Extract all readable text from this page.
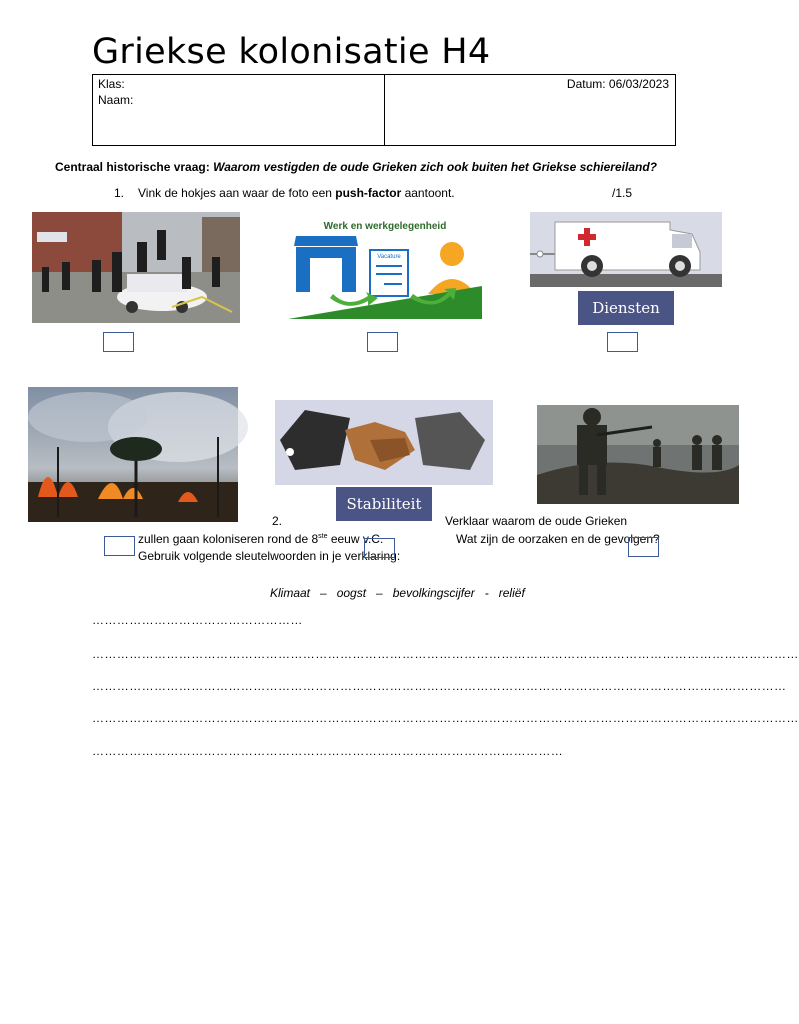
Griekse kolonisatie H4
Klas:
Naam:
Datum: 06/03/2023
Centraal historische vraag: Waarom vestigden de oude Grieken zich ook buiten het Griekse schiereiland?
1. Vink de hokjes aan waar de foto een push-factor aantoont.	/1.5
Werk en werkgelegenheid
Vacature
Diensten
Stabiliteit
2.	Verklaar waarom de oude Grieken
zullen gaan koloniseren rond de 8ste eeuw v.C.	Wat zijn de oorzaken en de gevolgen?
Gebruik volgende sleutelwoorden in je verklaring:
Klimaat   –   oogst   –   bevolkingscijfer   -   reliëf
……………………………………………
………………………………………………………………………………………………………………………………………………………
……………………………………………………………………………………………………………………………………………………
………………………………………………………………………………………………………………………………………………………
……………………………………………………………………………………………………
